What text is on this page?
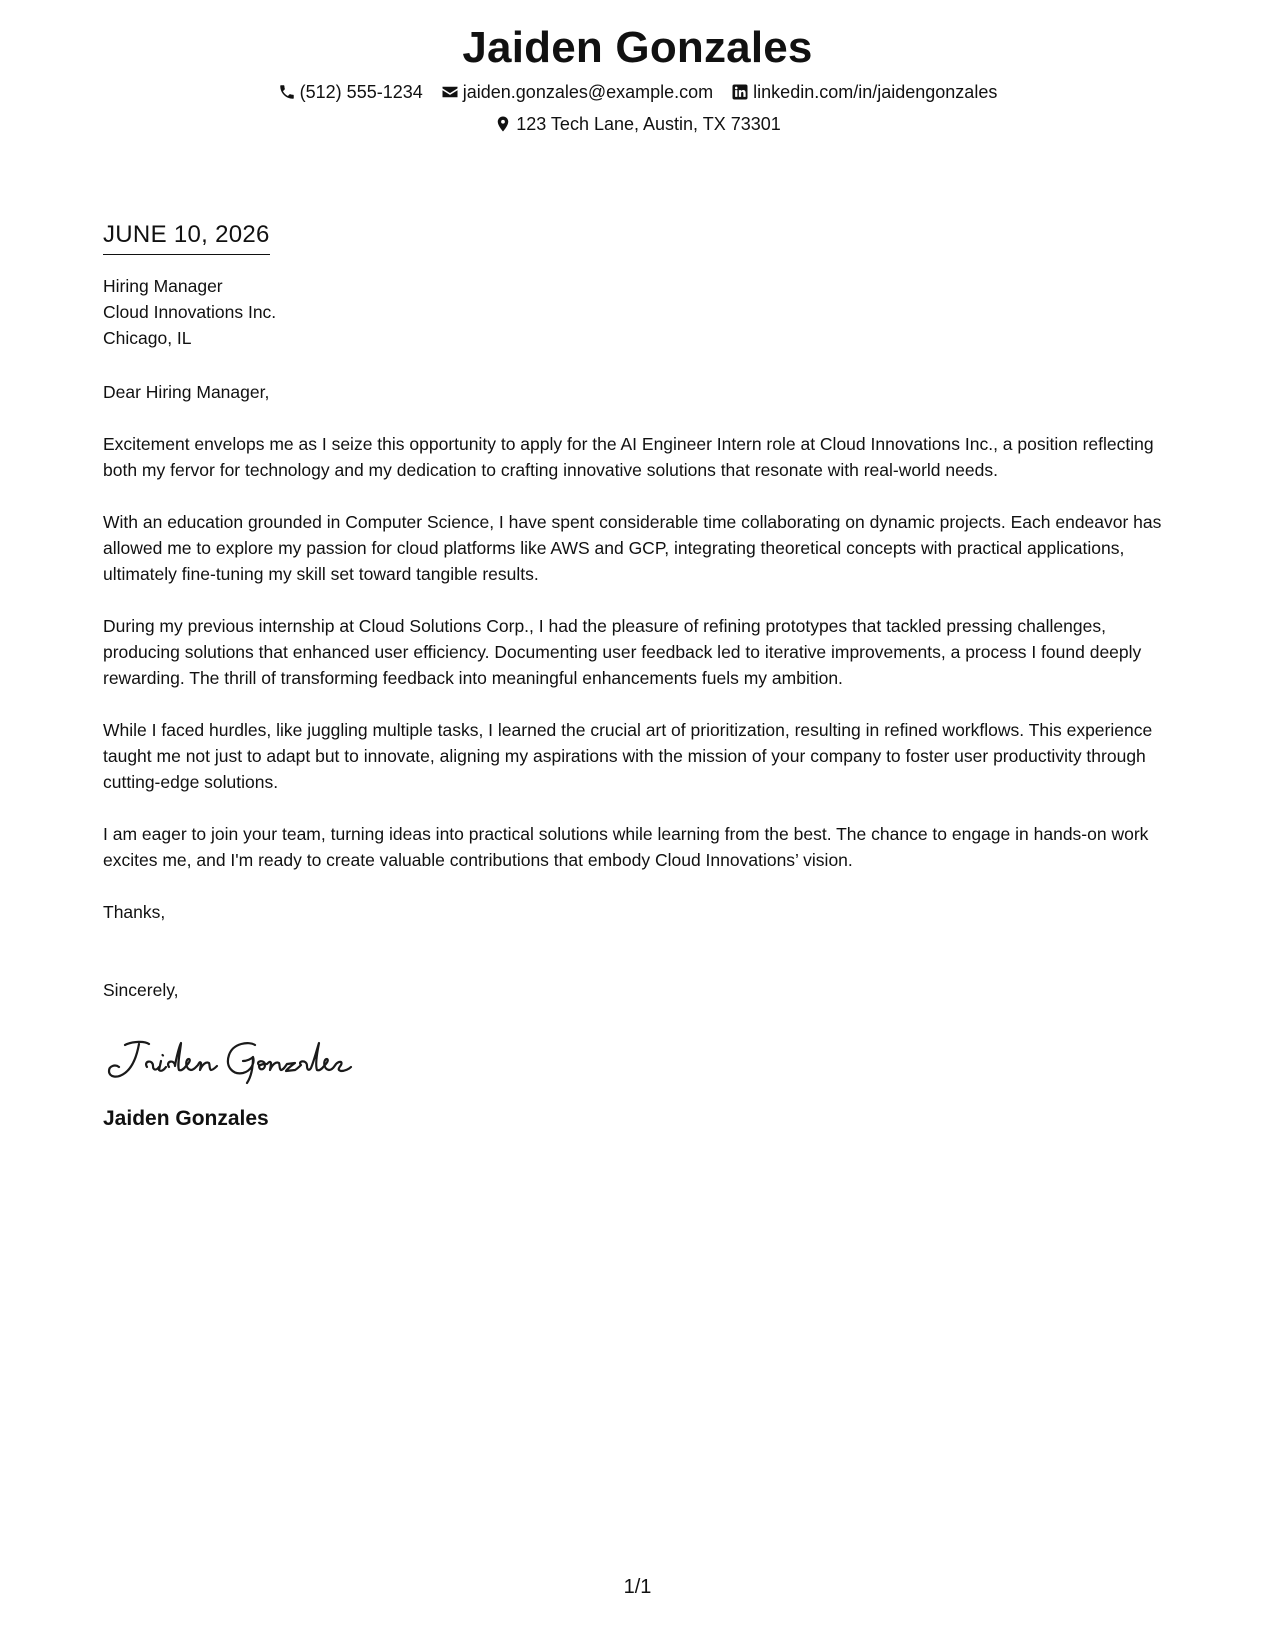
Jaiden Gonzales
(512) 555-1234 jaiden.gonzales@example.com linkedin.com/in/jaidengonzales
123 Tech Lane, Austin, TX 73301
JUNE 10, 2026
Hiring Manager
Cloud Innovations Inc.
Chicago, IL
Dear Hiring Manager,
Excitement envelops me as I seize this opportunity to apply for the AI Engineer Intern role at Cloud Innovations Inc., a position reflecting both my fervor for technology and my dedication to crafting innovative solutions that resonate with real-world needs.
With an education grounded in Computer Science, I have spent considerable time collaborating on dynamic projects. Each endeavor has allowed me to explore my passion for cloud platforms like AWS and GCP, integrating theoretical concepts with practical applications, ultimately fine-tuning my skill set toward tangible results.
During my previous internship at Cloud Solutions Corp., I had the pleasure of refining prototypes that tackled pressing challenges, producing solutions that enhanced user efficiency. Documenting user feedback led to iterative improvements, a process I found deeply rewarding. The thrill of transforming feedback into meaningful enhancements fuels my ambition.
While I faced hurdles, like juggling multiple tasks, I learned the crucial art of prioritization, resulting in refined workflows. This experience taught me not just to adapt but to innovate, aligning my aspirations with the mission of your company to foster user productivity through cutting-edge solutions.
I am eager to join your team, turning ideas into practical solutions while learning from the best. The chance to engage in hands-on work excites me, and I'm ready to create valuable contributions that embody Cloud Innovations’ vision.
Thanks,
Sincerely,
Jaiden Gonzales
1/1
